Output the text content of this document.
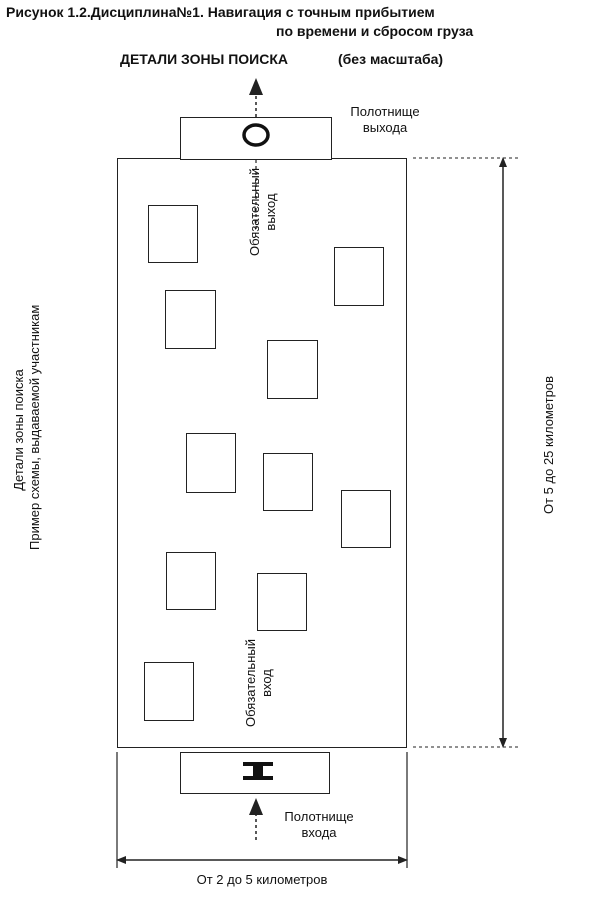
Рисунок 1.2.Дисциплина№1. Навигация с точным прибытием
по времени и сбросом груза
ДЕТАЛИ ЗОНЫ ПОИСКА	(без масштаба)
Полотнище
выхода
Полотнище
входа
Обязательный выход
Обязательный вход
От 5 до 25 километров
От 2 до 5 километров
Детали зоны поиска Пример схемы, выдаваемой участникам
